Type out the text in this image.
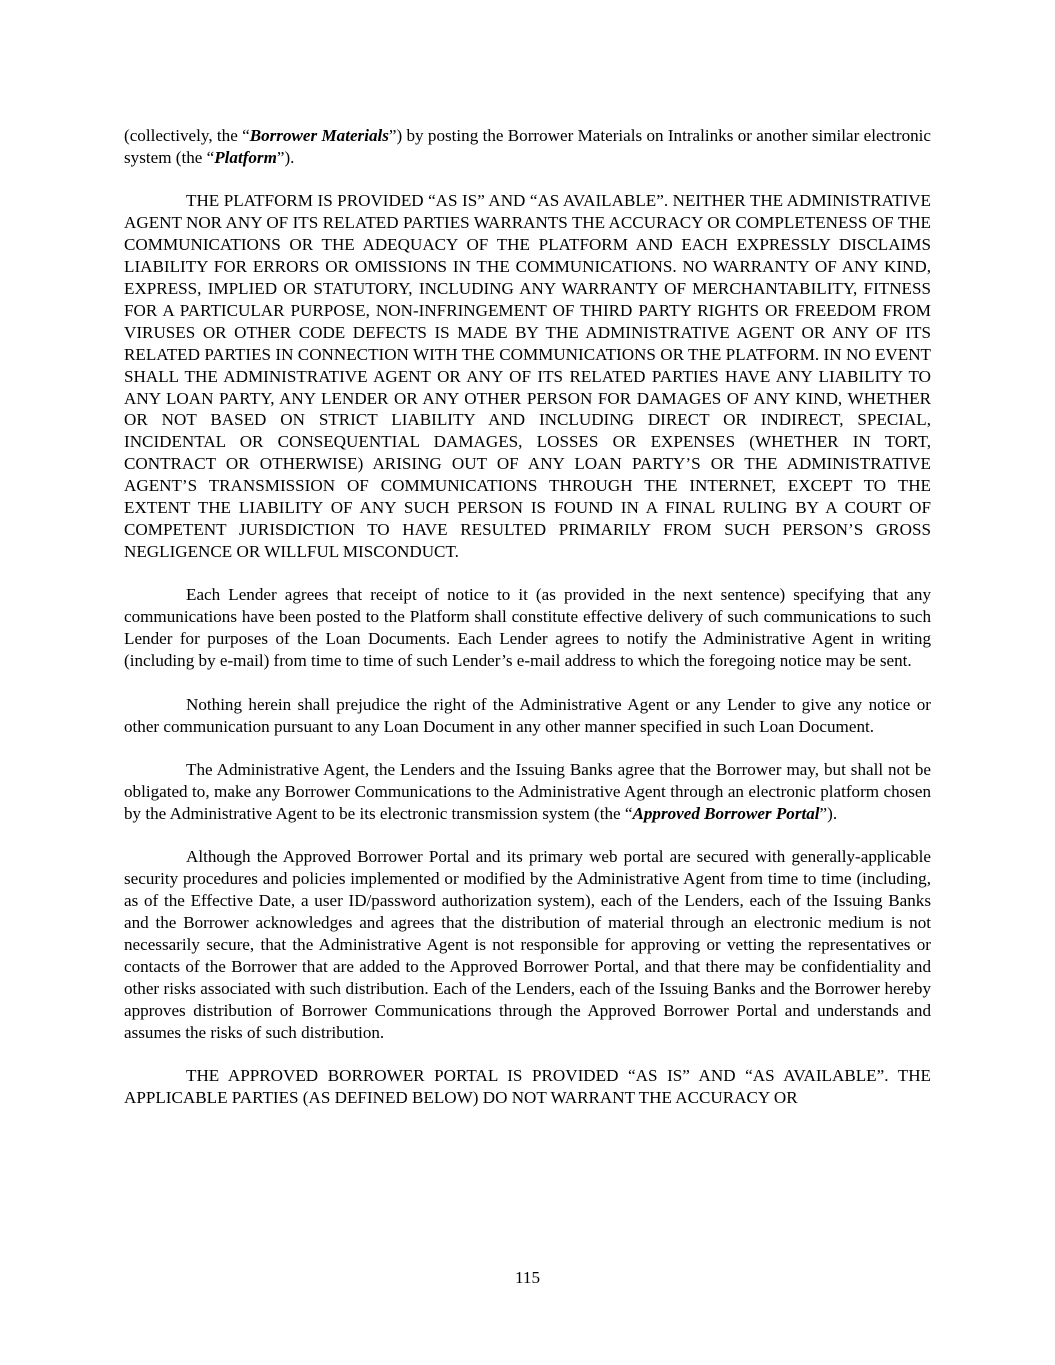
(collectively, the “Borrower Materials”) by posting the Borrower Materials on Intralinks or another similar electronic system (the “Platform”).

THE PLATFORM IS PROVIDED “AS IS” AND “AS AVAILABLE”. NEITHER THE ADMINISTRATIVE AGENT NOR ANY OF ITS RELATED PARTIES WARRANTS THE ACCURACY OR COMPLETENESS OF THE COMMUNICATIONS OR THE ADEQUACY OF THE PLATFORM AND EACH EXPRESSLY DISCLAIMS LIABILITY FOR ERRORS OR OMISSIONS IN THE COMMUNICATIONS. NO WARRANTY OF ANY KIND, EXPRESS, IMPLIED OR STATUTORY, INCLUDING ANY WARRANTY OF MERCHANTABILITY, FITNESS FOR A PARTICULAR PURPOSE, NON-INFRINGEMENT OF THIRD PARTY RIGHTS OR FREEDOM FROM VIRUSES OR OTHER CODE DEFECTS IS MADE BY THE ADMINISTRATIVE AGENT OR ANY OF ITS RELATED PARTIES IN CONNECTION WITH THE COMMUNICATIONS OR THE PLATFORM. IN NO EVENT SHALL THE ADMINISTRATIVE AGENT OR ANY OF ITS RELATED PARTIES HAVE ANY LIABILITY TO ANY LOAN PARTY, ANY LENDER OR ANY OTHER PERSON FOR DAMAGES OF ANY KIND, WHETHER OR NOT BASED ON STRICT LIABILITY AND INCLUDING DIRECT OR INDIRECT, SPECIAL, INCIDENTAL OR CONSEQUENTIAL DAMAGES, LOSSES OR EXPENSES (WHETHER IN TORT, CONTRACT OR OTHERWISE) ARISING OUT OF ANY LOAN PARTY’S OR THE ADMINISTRATIVE AGENT’S TRANSMISSION OF COMMUNICATIONS THROUGH THE INTERNET, EXCEPT TO THE EXTENT THE LIABILITY OF ANY SUCH PERSON IS FOUND IN A FINAL RULING BY A COURT OF COMPETENT JURISDICTION TO HAVE RESULTED PRIMARILY FROM SUCH PERSON’S GROSS NEGLIGENCE OR WILLFUL MISCONDUCT.

Each Lender agrees that receipt of notice to it (as provided in the next sentence) specifying that any communications have been posted to the Platform shall constitute effective delivery of such communications to such Lender for purposes of the Loan Documents. Each Lender agrees to notify the Administrative Agent in writing (including by e-mail) from time to time of such Lender’s e-mail address to which the foregoing notice may be sent.

Nothing herein shall prejudice the right of the Administrative Agent or any Lender to give any notice or other communication pursuant to any Loan Document in any other manner specified in such Loan Document.

The Administrative Agent, the Lenders and the Issuing Banks agree that the Borrower may, but shall not be obligated to, make any Borrower Communications to the Administrative Agent through an electronic platform chosen by the Administrative Agent to be its electronic transmission system (the “Approved Borrower Portal”).

Although the Approved Borrower Portal and its primary web portal are secured with generally-applicable security procedures and policies implemented or modified by the Administrative Agent from time to time (including, as of the Effective Date, a user ID/password authorization system), each of the Lenders, each of the Issuing Banks and the Borrower acknowledges and agrees that the distribution of material through an electronic medium is not necessarily secure, that the Administrative Agent is not responsible for approving or vetting the representatives or contacts of the Borrower that are added to the Approved Borrower Portal, and that there may be confidentiality and other risks associated with such distribution. Each of the Lenders, each of the Issuing Banks and the Borrower hereby approves distribution of Borrower Communications through the Approved Borrower Portal and understands and assumes the risks of such distribution.

THE APPROVED BORROWER PORTAL IS PROVIDED “AS IS” AND “AS AVAILABLE”. THE APPLICABLE PARTIES (AS DEFINED BELOW) DO NOT WARRANT THE ACCURACY OR

115
